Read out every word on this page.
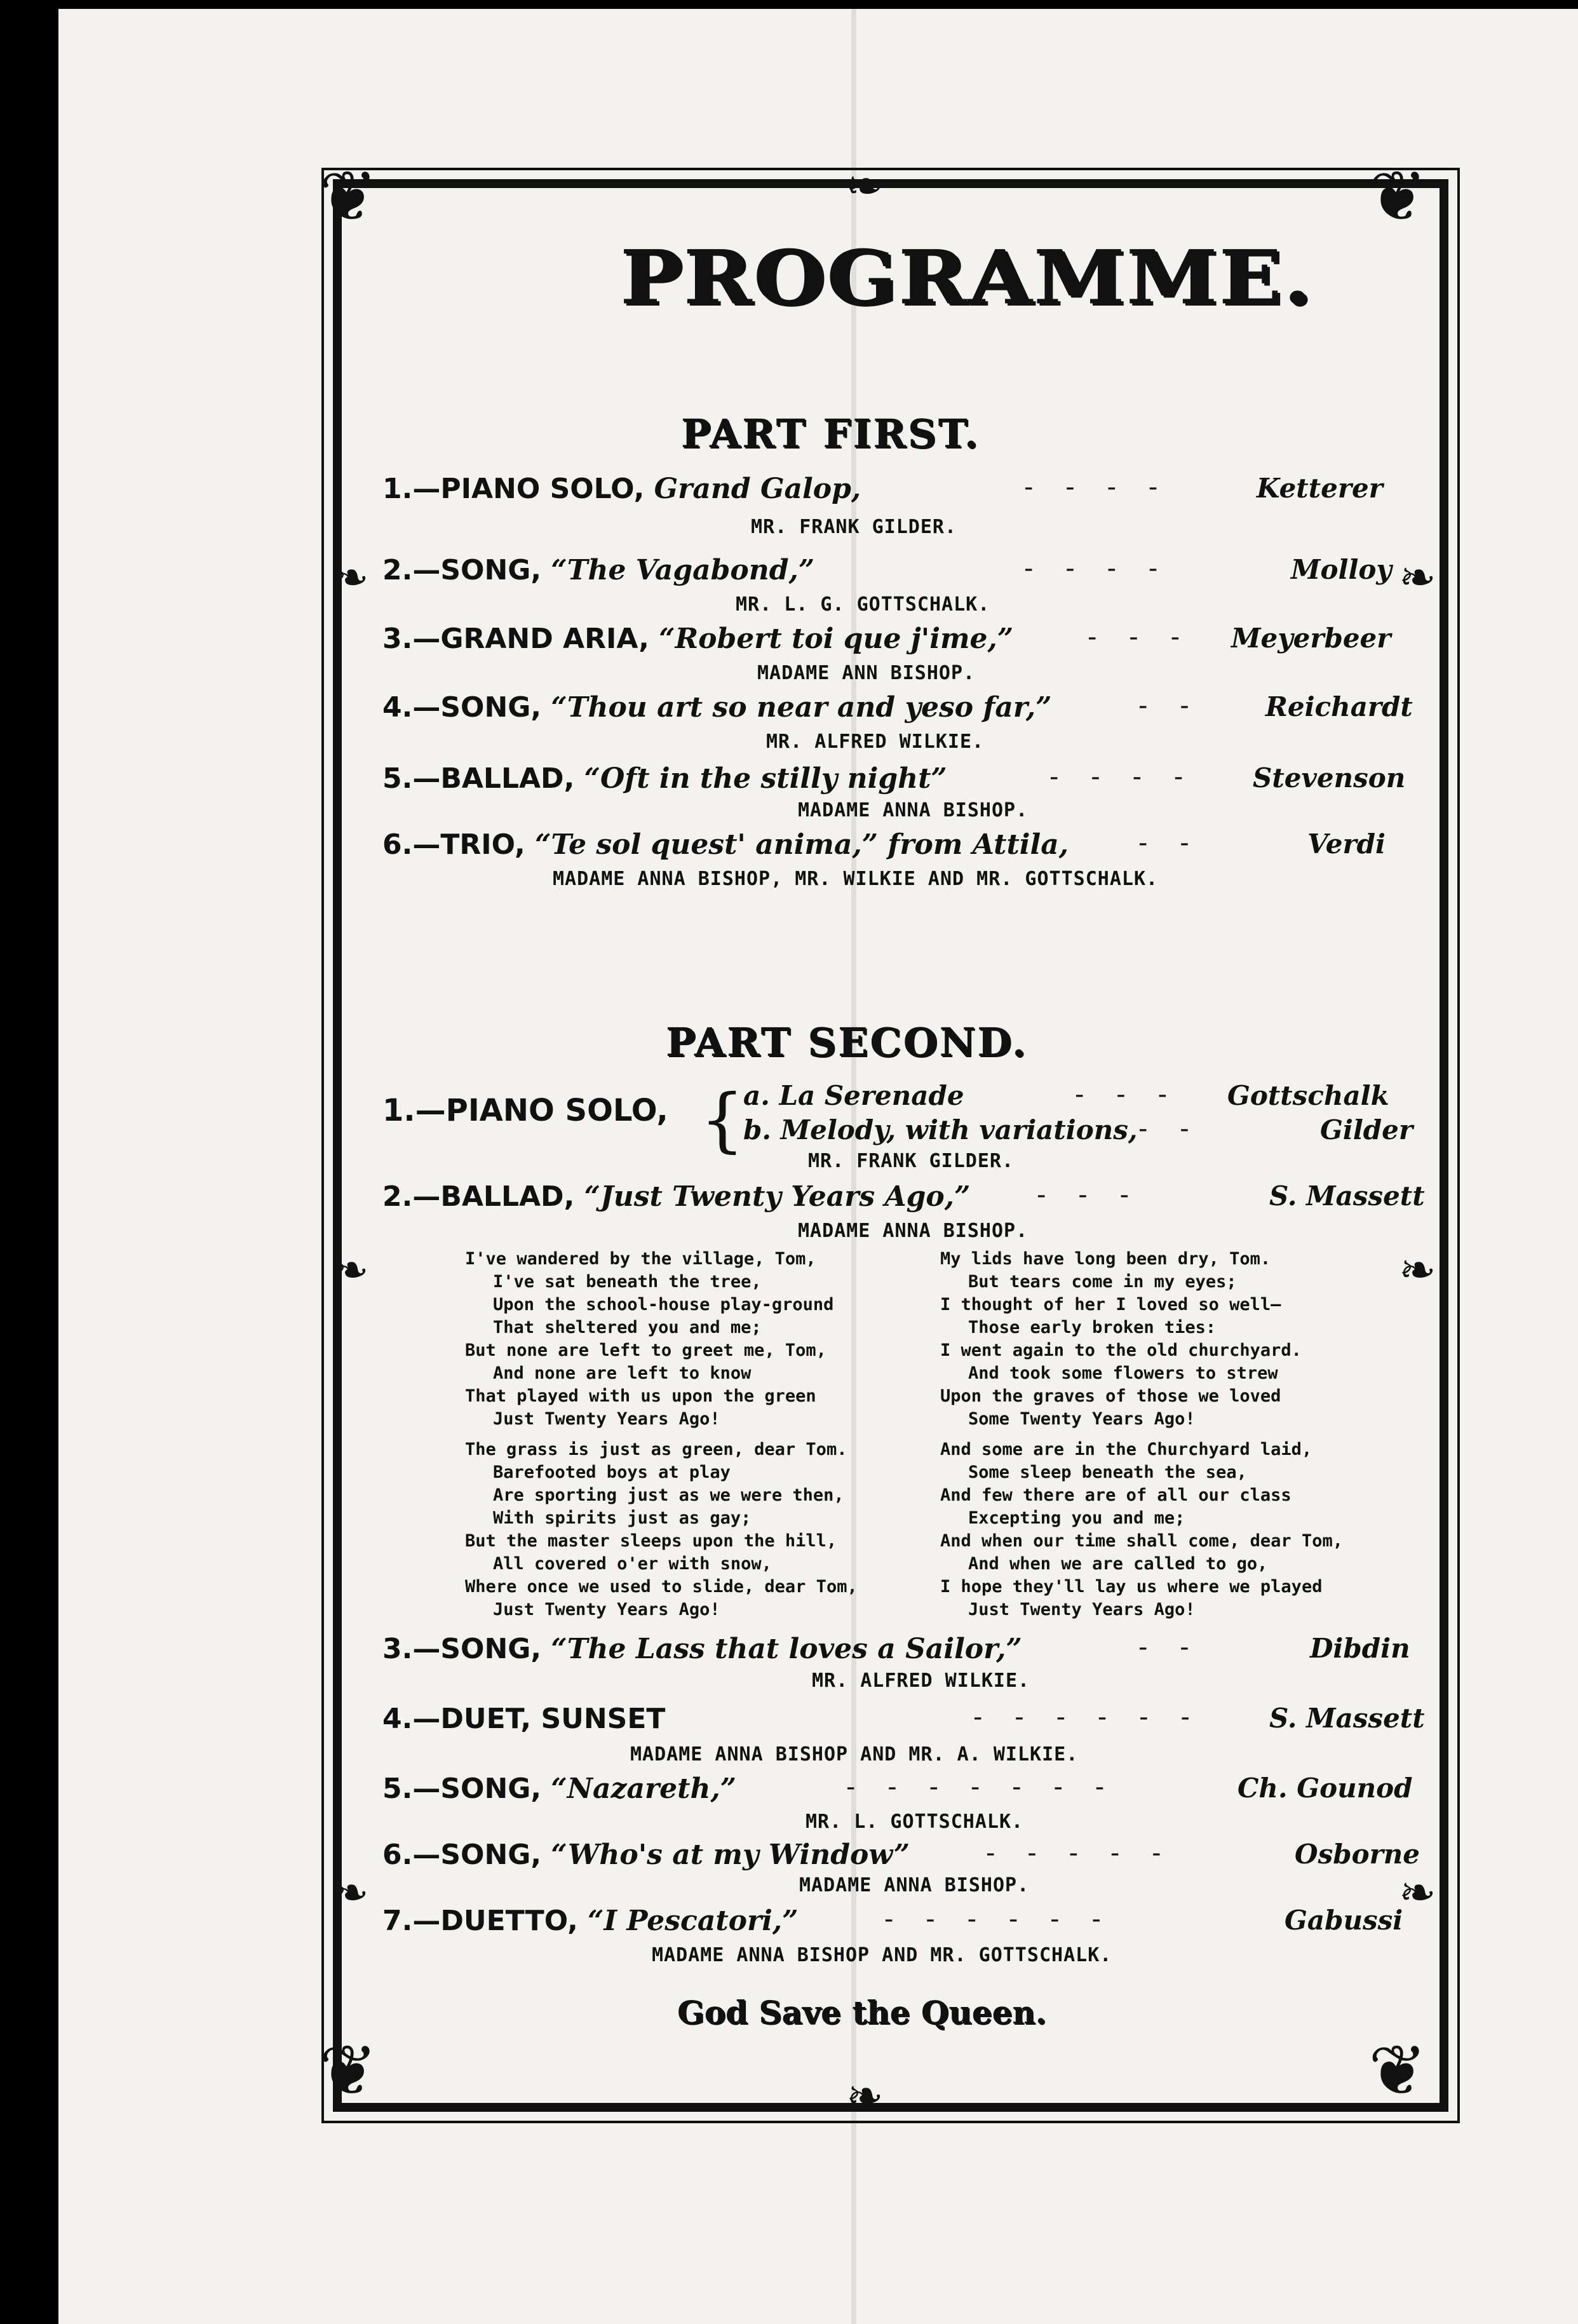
❦	❦
❦	❦
❧
❧
❧
❧
❧
❧
❧
❧
PROGRAMME.
PART FIRST.
1.—PIANO SOLO, Grand Galop,	-    -    -    -	Ketterer
MR. FRANK GILDER.
2.—SONG, “The Vagabond,”	-    -    -    -	Molloy
MR. L. G. GOTTSCHALK.
3.—GRAND ARIA, “Robert toi que j'ime,”	-    -    - Meyerbeer
MADAME ANN BISHOP.
4.—SONG, “Thou art so near and yeso far,”	-    -	Reichardt
MR. ALFRED WILKIE.
5.—BALLAD, “Oft in the stilly night”	-    -    -    -	Stevenson
MADAME ANNA BISHOP.
6.—TRIO, “Te sol quest' anima,” from Attila,	-    -	Verdi
MADAME ANNA BISHOP, MR. WILKIE AND MR. GOTTSCHALK.
PART SECOND.
1.—PIANO SOLO, {
a. La Serenade	-    -    - Gottschalk
b. Melody, with variations, -    -	Gilder
MR. FRANK GILDER.
2.—BALLAD, “Just Twenty Years Ago,”	-    -    -	S. Massett
MADAME ANNA BISHOP.
I've wandered by the village, Tom,
I've sat beneath the tree,
Upon the school-house play-ground
That sheltered you and me;
But none are left to greet me, Tom,
And none are left to know
That played with us upon the green
Just Twenty Years Ago!
My lids have long been dry, Tom.
But tears come in my eyes;
I thought of her I loved so well—
Those early broken ties:
I went again to the old churchyard.
And took some flowers to strew
Upon the graves of those we loved
Some Twenty Years Ago!
The grass is just as green, dear Tom.
Barefooted boys at play
Are sporting just as we were then,
With spirits just as gay;
But the master sleeps upon the hill,
All covered o'er with snow,
Where once we used to slide, dear Tom,
Just Twenty Years Ago!
And some are in the Churchyard laid,
Some sleep beneath the sea,
And few there are of all our class
Excepting you and me;
And when our time shall come, dear Tom,
And when we are called to go,
I hope they'll lay us where we played
Just Twenty Years Ago!
3.—SONG, “The Lass that loves a Sailor,”	-    -	Dibdin
MR. ALFRED WILKIE.
4.—DUET, SUNSET	-    -    -    -    -    -	S. Massett
MADAME ANNA BISHOP AND MR. A. WILKIE.
5.—SONG, “Nazareth,”	-    -    -    -    -    -    -	Ch. Gounod
MR. L. GOTTSCHALK.
6.—SONG, “Who's at my Window”	-    -    -    -    -	Osborne
MADAME ANNA BISHOP.
7.—DUETTO, “I Pescatori,”	-    -    -    -    -    -	Gabussi
MADAME ANNA BISHOP AND MR. GOTTSCHALK.
God Save the Queen.
